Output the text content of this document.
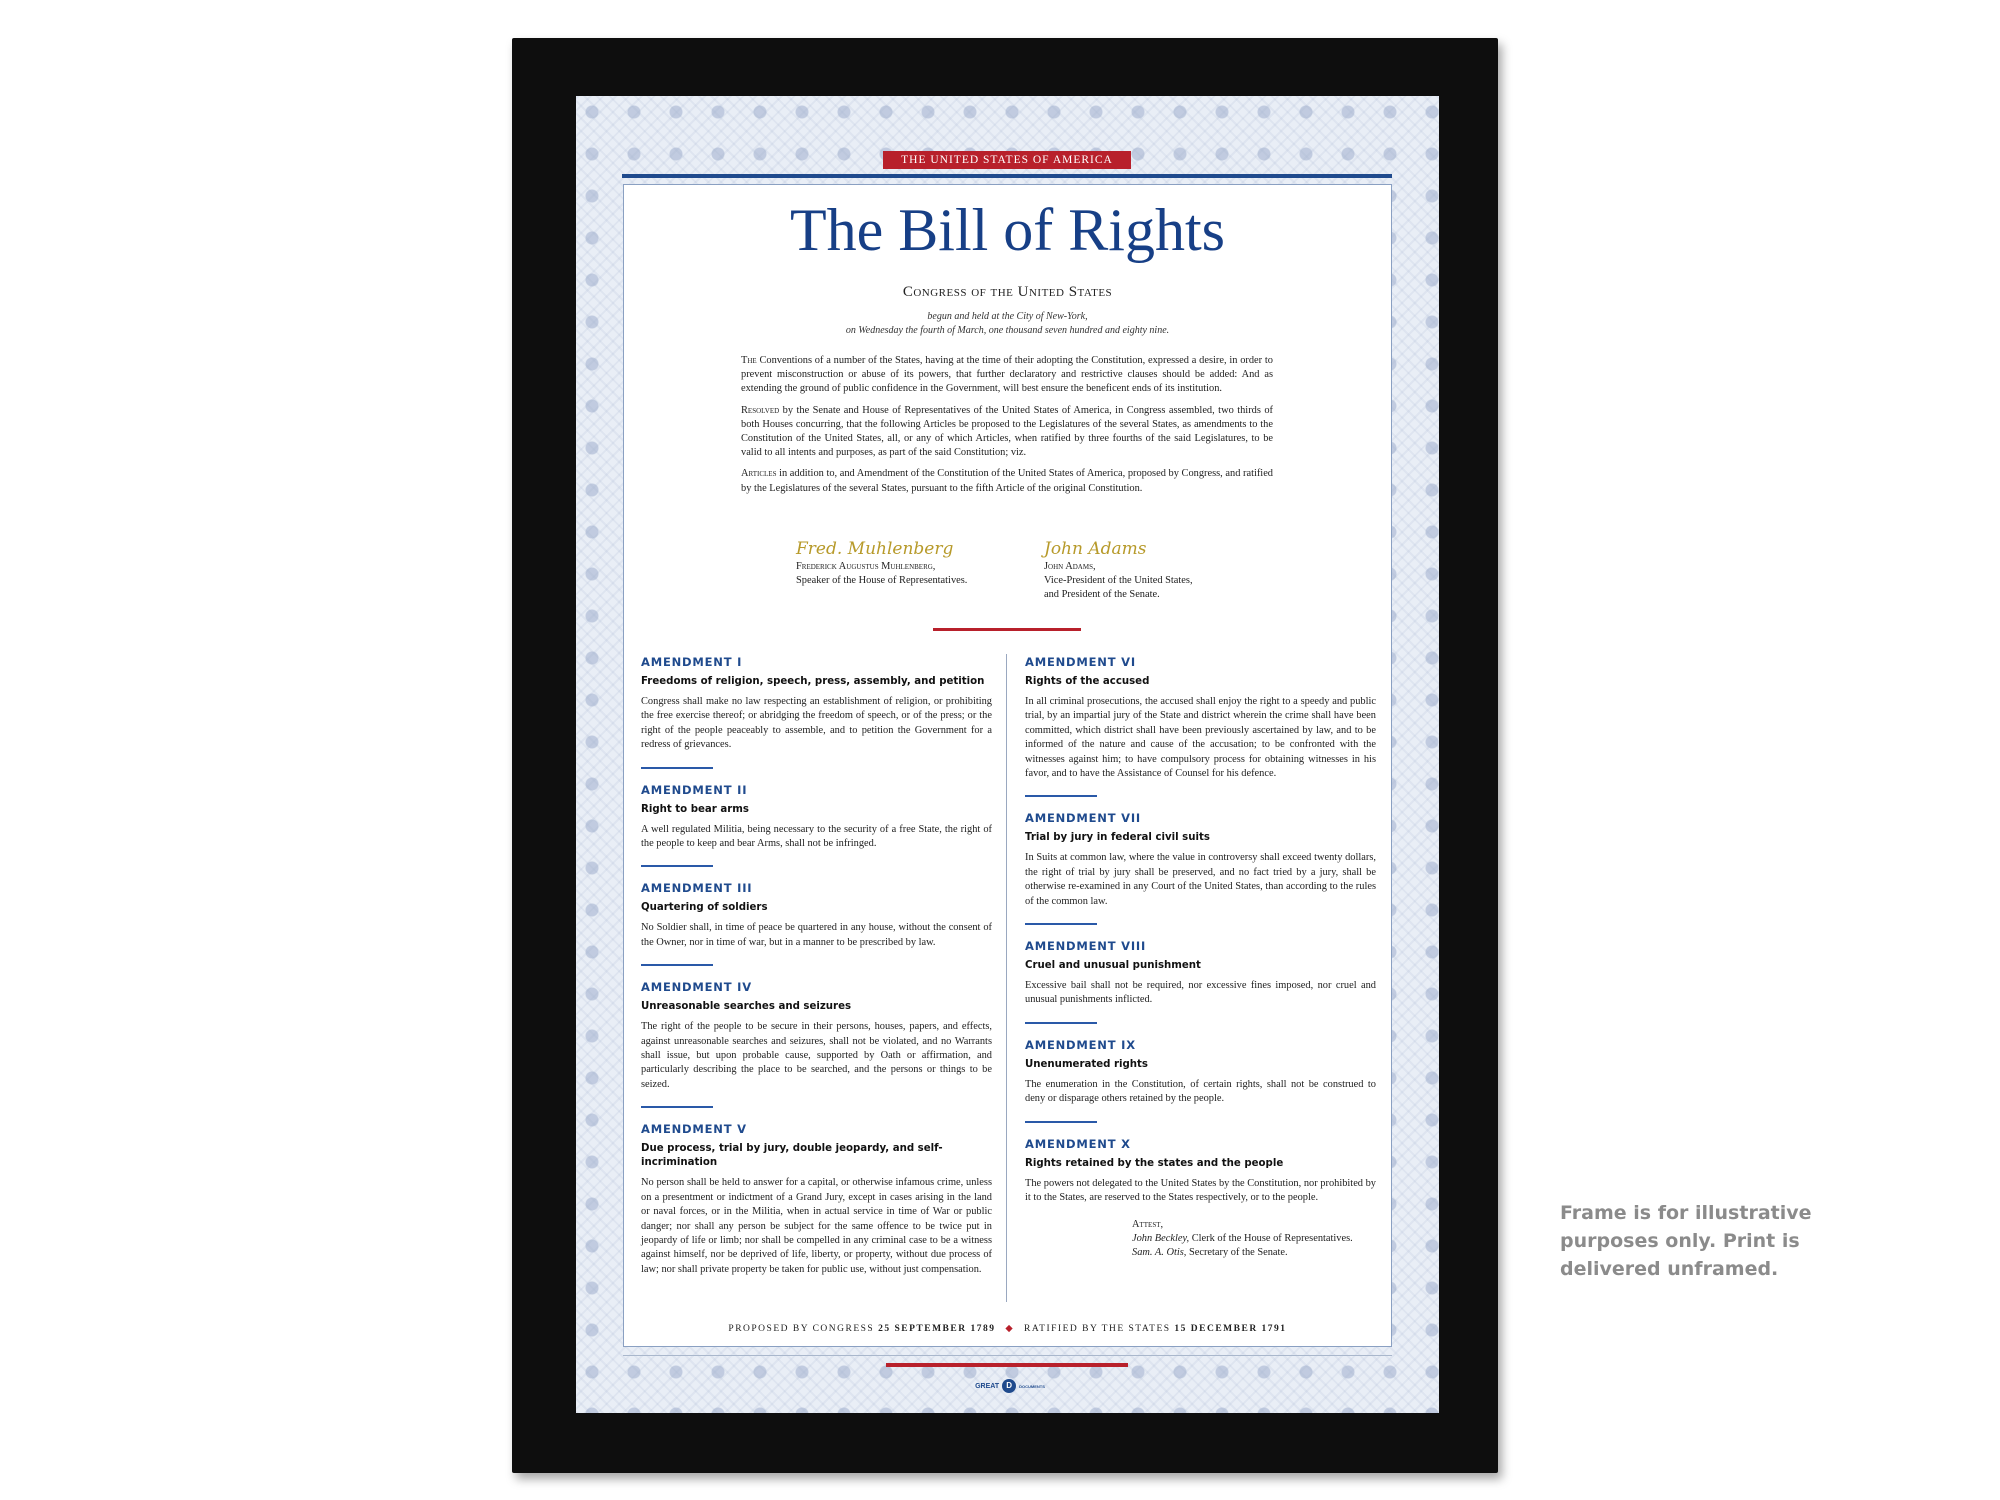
THE UNITED STATES OF AMERICA
The Bill of Rights
Congress of the United States
begun and held at the City of New-York,
on Wednesday the fourth of March, one thousand seven hundred and eighty nine.

The Conventions of a number of the States, having at the time of their adopting the Constitution, expressed a desire, in order to prevent misconstruction or abuse of its powers, that further declaratory and restrictive clauses should be added: And as extending the ground of public confidence in the Government, will best ensure the beneficent ends of its institution.

Resolved by the Senate and House of Representatives of the United States of America, in Congress assembled, two thirds of both Houses concurring, that the following Articles be proposed to the Legislatures of the several States, as amendments to the Constitution of the United States, all, or any of which Articles, when ratified by three fourths of the said Legislatures, to be valid to all intents and purposes, as part of the said Constitution; viz.

Articles in addition to, and Amendment of the Constitution of the United States of America, proposed by Congress, and ratified by the Legislatures of the several States, pursuant to the fifth Article of the original Constitution.

Fred. Muhlenberg
Frederick Augustus Muhlenberg,
Speaker of the House of Representatives.
John Adams
John Adams,
Vice-President of the United States,
and President of the Senate.
AMENDMENT I
Freedoms of religion, speech, press, assembly, and petition

Congress shall make no law respecting an establishment of religion, or prohibiting the free exercise thereof; or abridging the freedom of speech, or of the press; or the right of the people peaceably to assemble, and to petition the Government for a redress of grievances.

AMENDMENT II
Right to bear arms

A well regulated Militia, being necessary to the security of a free State, the right of the people to keep and bear Arms, shall not be infringed.

AMENDMENT III
Quartering of soldiers

No Soldier shall, in time of peace be quartered in any house, without the consent of the Owner, nor in time of war, but in a manner to be prescribed by law.

AMENDMENT IV
Unreasonable searches and seizures

The right of the people to be secure in their persons, houses, papers, and effects, against unreasonable searches and seizures, shall not be violated, and no Warrants shall issue, but upon probable cause, supported by Oath or affirmation, and particularly describing the place to be searched, and the persons or things to be seized.

AMENDMENT V
Due process, trial by jury, double jeopardy, and self-incrimination

No person shall be held to answer for a capital, or otherwise infamous crime, unless on a presentment or indictment of a Grand Jury, except in cases arising in the land or naval forces, or in the Militia, when in actual service in time of War or public danger; nor shall any person be subject for the same offence to be twice put in jeopardy of life or limb; nor shall be compelled in any criminal case to be a witness against himself, nor be deprived of life, liberty, or property, without due process of law; nor shall private property be taken for public use, without just compensation.

AMENDMENT VI
Rights of the accused

In all criminal prosecutions, the accused shall enjoy the right to a speedy and public trial, by an impartial jury of the State and district wherein the crime shall have been committed, which district shall have been previously ascertained by law, and to be informed of the nature and cause of the accusation; to be confronted with the witnesses against him; to have compulsory process for obtaining witnesses in his favor, and to have the Assistance of Counsel for his defence.

AMENDMENT VII
Trial by jury in federal civil suits

In Suits at common law, where the value in controversy shall exceed twenty dollars, the right of trial by jury shall be preserved, and no fact tried by a jury, shall be otherwise re-examined in any Court of the United States, than according to the rules of the common law.

AMENDMENT VIII
Cruel and unusual punishment

Excessive bail shall not be required, nor excessive fines imposed, nor cruel and unusual punishments inflicted.

AMENDMENT IX
Unenumerated rights

The enumeration in the Constitution, of certain rights, shall not be construed to deny or disparage others retained by the people.

AMENDMENT X
Rights retained by the states and the people

The powers not delegated to the United States by the Constitution, nor prohibited by it to the States, are reserved to the States respectively, or to the people.

Attest,
John Beckley, Clerk of the House of Representatives.
Sam. A. Otis, Secretary of the Senate.
PROPOSED BY CONGRESS 25 SEPTEMBER 1789 ◆ RATIFIED BY THE STATES 15 DECEMBER 1791
GREAT D	DOCUMENTS
Frame is for illustrative purposes only. Print is delivered unframed.
